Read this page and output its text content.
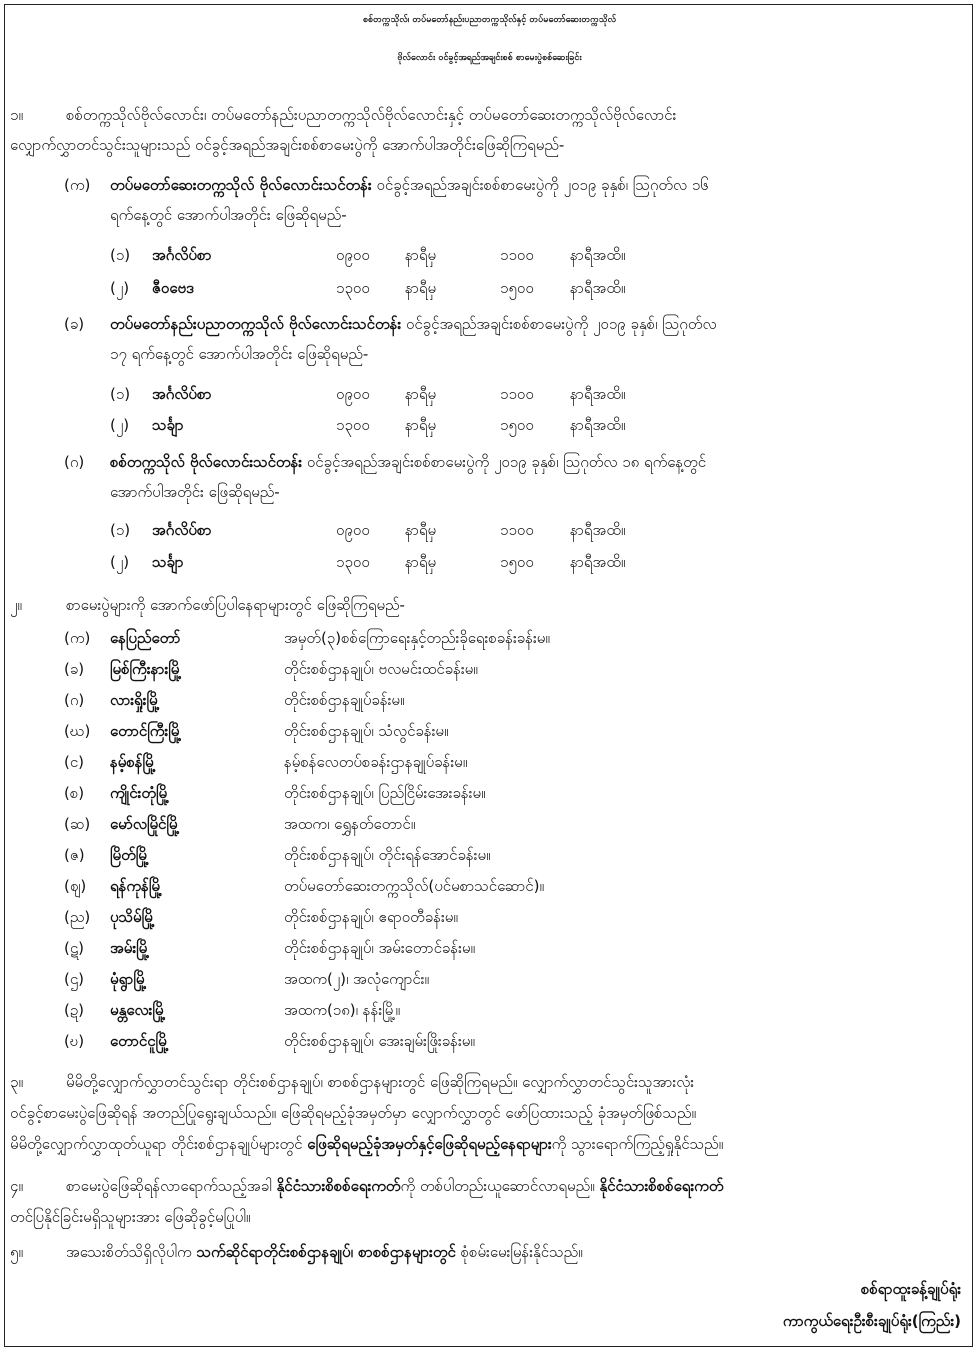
စစ်တက္ကသိုလ်၊ တပ်မတော်နည်းပညာတက္ကသိုလ်နှင့် တပ်မတော်ဆေးတက္ကသိုလ်
ဗိုလ်လောင်း ဝင်ခွင့်အရည်အချင်းစစ် စာမေးပွဲစစ်ဆေးခြင်း
၁။	စစ်တက္ကသိုလ်ဗိုလ်လောင်း၊ တပ်မတော်နည်းပညာတက္ကသိုလ်ဗိုလ်လောင်းနှင့် တပ်မတော်ဆေးတက္ကသိုလ်ဗိုလ်လောင်း
လျှောက်လွှာတင်သွင်းသူများသည် ဝင်ခွင့်အရည်အချင်းစစ်စာမေးပွဲကို အောက်ပါအတိုင်းဖြေဆိုကြရမည်-
(က) တပ်မတော်ဆေးတက္ကသိုလ် ဗိုလ်လောင်းသင်တန်း ဝင်ခွင့်အရည်အချင်းစစ်စာမေးပွဲကို ၂၀၁၉ ခုနှစ်၊ ဩဂုတ်လ ၁၆
ရက်နေ့တွင် အောက်ပါအတိုင်း ဖြေဆိုရမည်-
(၁) အင်္ဂလိပ်စာ	၀၉၀၀ နာရီမှ	၁၁၀၀ နာရီအထိ။
(၂) ဇီဝဗေဒ	၁၃၀၀ နာရီမှ	၁၅၀၀ နာရီအထိ။
(ခ) တပ်မတော်နည်းပညာတက္ကသိုလ် ဗိုလ်လောင်းသင်တန်း ဝင်ခွင့်အရည်အချင်းစစ်စာမေးပွဲကို ၂၀၁၉ ခုနှစ်၊ ဩဂုတ်လ
၁၇ ရက်နေ့တွင် အောက်ပါအတိုင်း ဖြေဆိုရမည်-
(၁) အင်္ဂလိပ်စာ	၀၉၀၀ နာရီမှ	၁၁၀၀ နာရီအထိ။
(၂) သင်္ချာ	၁၃၀၀ နာရီမှ	၁၅၀၀ နာရီအထိ။
(ဂ) စစ်တက္ကသိုလ် ဗိုလ်လောင်းသင်တန်း ဝင်ခွင့်အရည်အချင်းစစ်စာမေးပွဲကို ၂၀၁၉ ခုနှစ်၊ ဩဂုတ်လ ၁၈ ရက်နေ့တွင်
အောက်ပါအတိုင်း ဖြေဆိုရမည်-
(၁) အင်္ဂလိပ်စာ	၀၉၀၀ နာရီမှ	၁၁၀၀ နာရီအထိ။
(၂) သင်္ချာ	၁၃၀၀ နာရီမှ	၁၅၀၀ နာရီအထိ။
၂။	စာမေးပွဲများကို အောက်ဖော်ပြပါနေရာများတွင် ဖြေဆိုကြရမည်-
(က) နေပြည်တော်	အမှတ်(၃)စစ်ကြောရေးနှင့်တည်းခိုရေးစခန်းခန်းမ။
(ခ) မြစ်ကြီးနားမြို့	တိုင်းစစ်ဌာနချုပ်၊ ဗလမင်းထင်ခန်းမ။
(ဂ) လားရှိုးမြို့	တိုင်းစစ်ဌာနချုပ်ခန်းမ။
(ဃ) တောင်ကြီးမြို့	တိုင်းစစ်ဌာနချုပ်၊ သံလွင်ခန်းမ။
(င) နမ့်စန်မြို့	နမ့်စန်လေတပ်စခန်းဌာနချုပ်ခန်းမ။
(စ) ကျိုင်းတုံမြို့	တိုင်းစစ်ဌာနချုပ်၊ ပြည်ငြိမ်းအေးခန်းမ။
(ဆ) မော်လမြိုင်မြို့	အထက၊ ရွှေနတ်တောင်။
(ဇ) မြိတ်မြို့	တိုင်းစစ်ဌာနချုပ်၊ တိုင်းရန်အောင်ခန်းမ။
(ဈ) ရန်ကုန်မြို့	တပ်မတော်ဆေးတက္ကသိုလ်(ပင်မစာသင်ဆောင်)။
(ည) ပုသိမ်မြို့	တိုင်းစစ်ဌာနချုပ်၊ ဧရာဝတီခန်းမ။
(ဋ) အမ်းမြို့	တိုင်းစစ်ဌာနချုပ်၊ အမ်းတောင်ခန်းမ။
(ဌ) မုံရွာမြို့	အထက(၂)၊ အလုံကျောင်း။
(ဍ) မန္တလေးမြို့	အထက(၁၈)၊ နန်းမြို့။
(ဎ) တောင်ငူမြို့	တိုင်းစစ်ဌာနချုပ်၊ အေးချမ်းဖြိုးခန်းမ။
၃။	မိမိတို့လျှောက်လွှာတင်သွင်းရာ တိုင်းစစ်ဌာနချုပ်၊ စာစစ်ဌာနများတွင် ဖြေဆိုကြရမည်။ လျှောက်လွှာတင်သွင်းသူအားလုံး
ဝင်ခွင့်စာမေးပွဲဖြေဆိုရန် အတည်ပြုရွေးချယ်သည်။ ဖြေဆိုရမည့်ခုံအမှတ်မှာ လျှောက်လွှာတွင် ဖော်ပြထားသည့် ခုံအမှတ်ဖြစ်သည်။
မိမိတို့လျှောက်လွှာထုတ်ယူရာ တိုင်းစစ်ဌာနချုပ်များတွင် ဖြေဆိုရမည့်ခုံအမှတ်နှင့်ဖြေဆိုရမည့်နေရာများကို သွားရောက်ကြည့်ရှုနိုင်သည်။
၄။	စာမေးပွဲဖြေဆိုရန်လာရောက်သည့်အခါ နိုင်ငံသားစိစစ်ရေးကတ်ကို တစ်ပါတည်းယူဆောင်လာရမည်။ နိုင်ငံသားစိစစ်ရေးကတ်
တင်ပြနိုင်ခြင်းမရှိသူများအား ဖြေဆိုခွင့်မပြုပါ။
၅။	အသေးစိတ်သိရှိလိုပါက သက်ဆိုင်ရာတိုင်းစစ်ဌာနချုပ်၊ စာစစ်ဌာနများတွင် စုံစမ်းမေးမြန်းနိုင်သည်။
စစ်ရာထူးခန့်ချုပ်ရုံး
ကာကွယ်ရေးဦးစီးချုပ်ရုံး(ကြည်း)
